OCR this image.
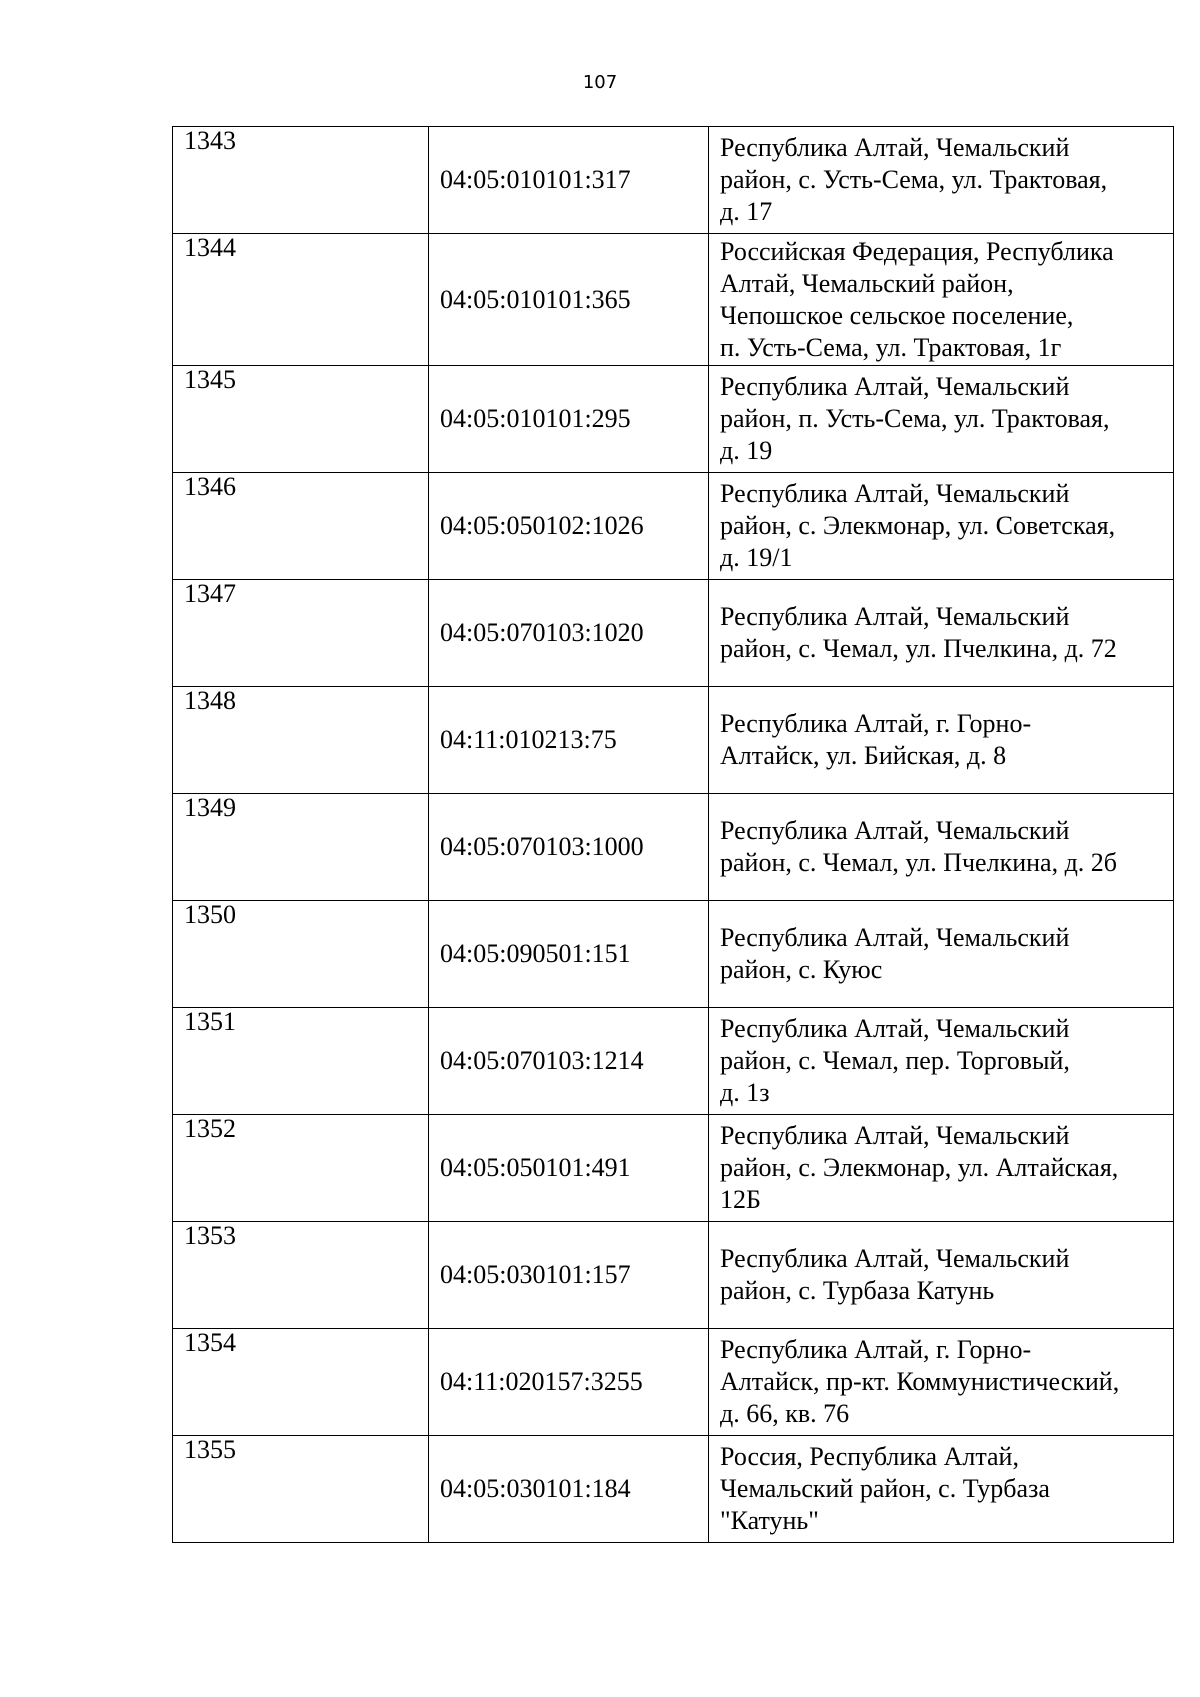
107
1343	04:05:010101:317	Республика Алтай, Чемальский
район, с. Усть-Сема, ул. Трактовая,
д. 17

1344	04:05:010101:365	Российская Федерация, Республика
Алтай, Чемальский район,
Чепошское сельское поселение,
п. Усть-Сема, ул. Трактовая, 1г

1345	04:05:010101:295	Республика Алтай, Чемальский
район, п. Усть-Сема, ул. Трактовая,
д. 19

1346	04:05:050102:1026	Республика Алтай, Чемальский
район, с. Элекмонар, ул. Советская,
д. 19/1

1347	04:05:070103:1020	Республика Алтай, Чемальский
район, с. Чемал, ул. Пчелкина, д. 72

1348	04:11:010213:75	Республика Алтай, г. Горно-
Алтайск, ул. Бийская, д. 8

1349	04:05:070103:1000	Республика Алтай, Чемальский
район, с. Чемал, ул. Пчелкина, д. 2б

1350	04:05:090501:151	Республика Алтай, Чемальский
район, с. Куюс

1351	04:05:070103:1214	Республика Алтай, Чемальский
район, с. Чемал, пер. Торговый,
д. 1з

1352	04:05:050101:491	Республика Алтай, Чемальский
район, с. Элекмонар, ул. Алтайская,
12Б

1353	04:05:030101:157	Республика Алтай, Чемальский
район, с. Турбаза Катунь

1354	04:11:020157:3255	Республика Алтай, г. Горно-
Алтайск, пр-кт. Коммунистический,
д. 66, кв. 76

1355	04:05:030101:184	Россия, Республика Алтай,
Чемальский район, с. Турбаза
"Катунь"
